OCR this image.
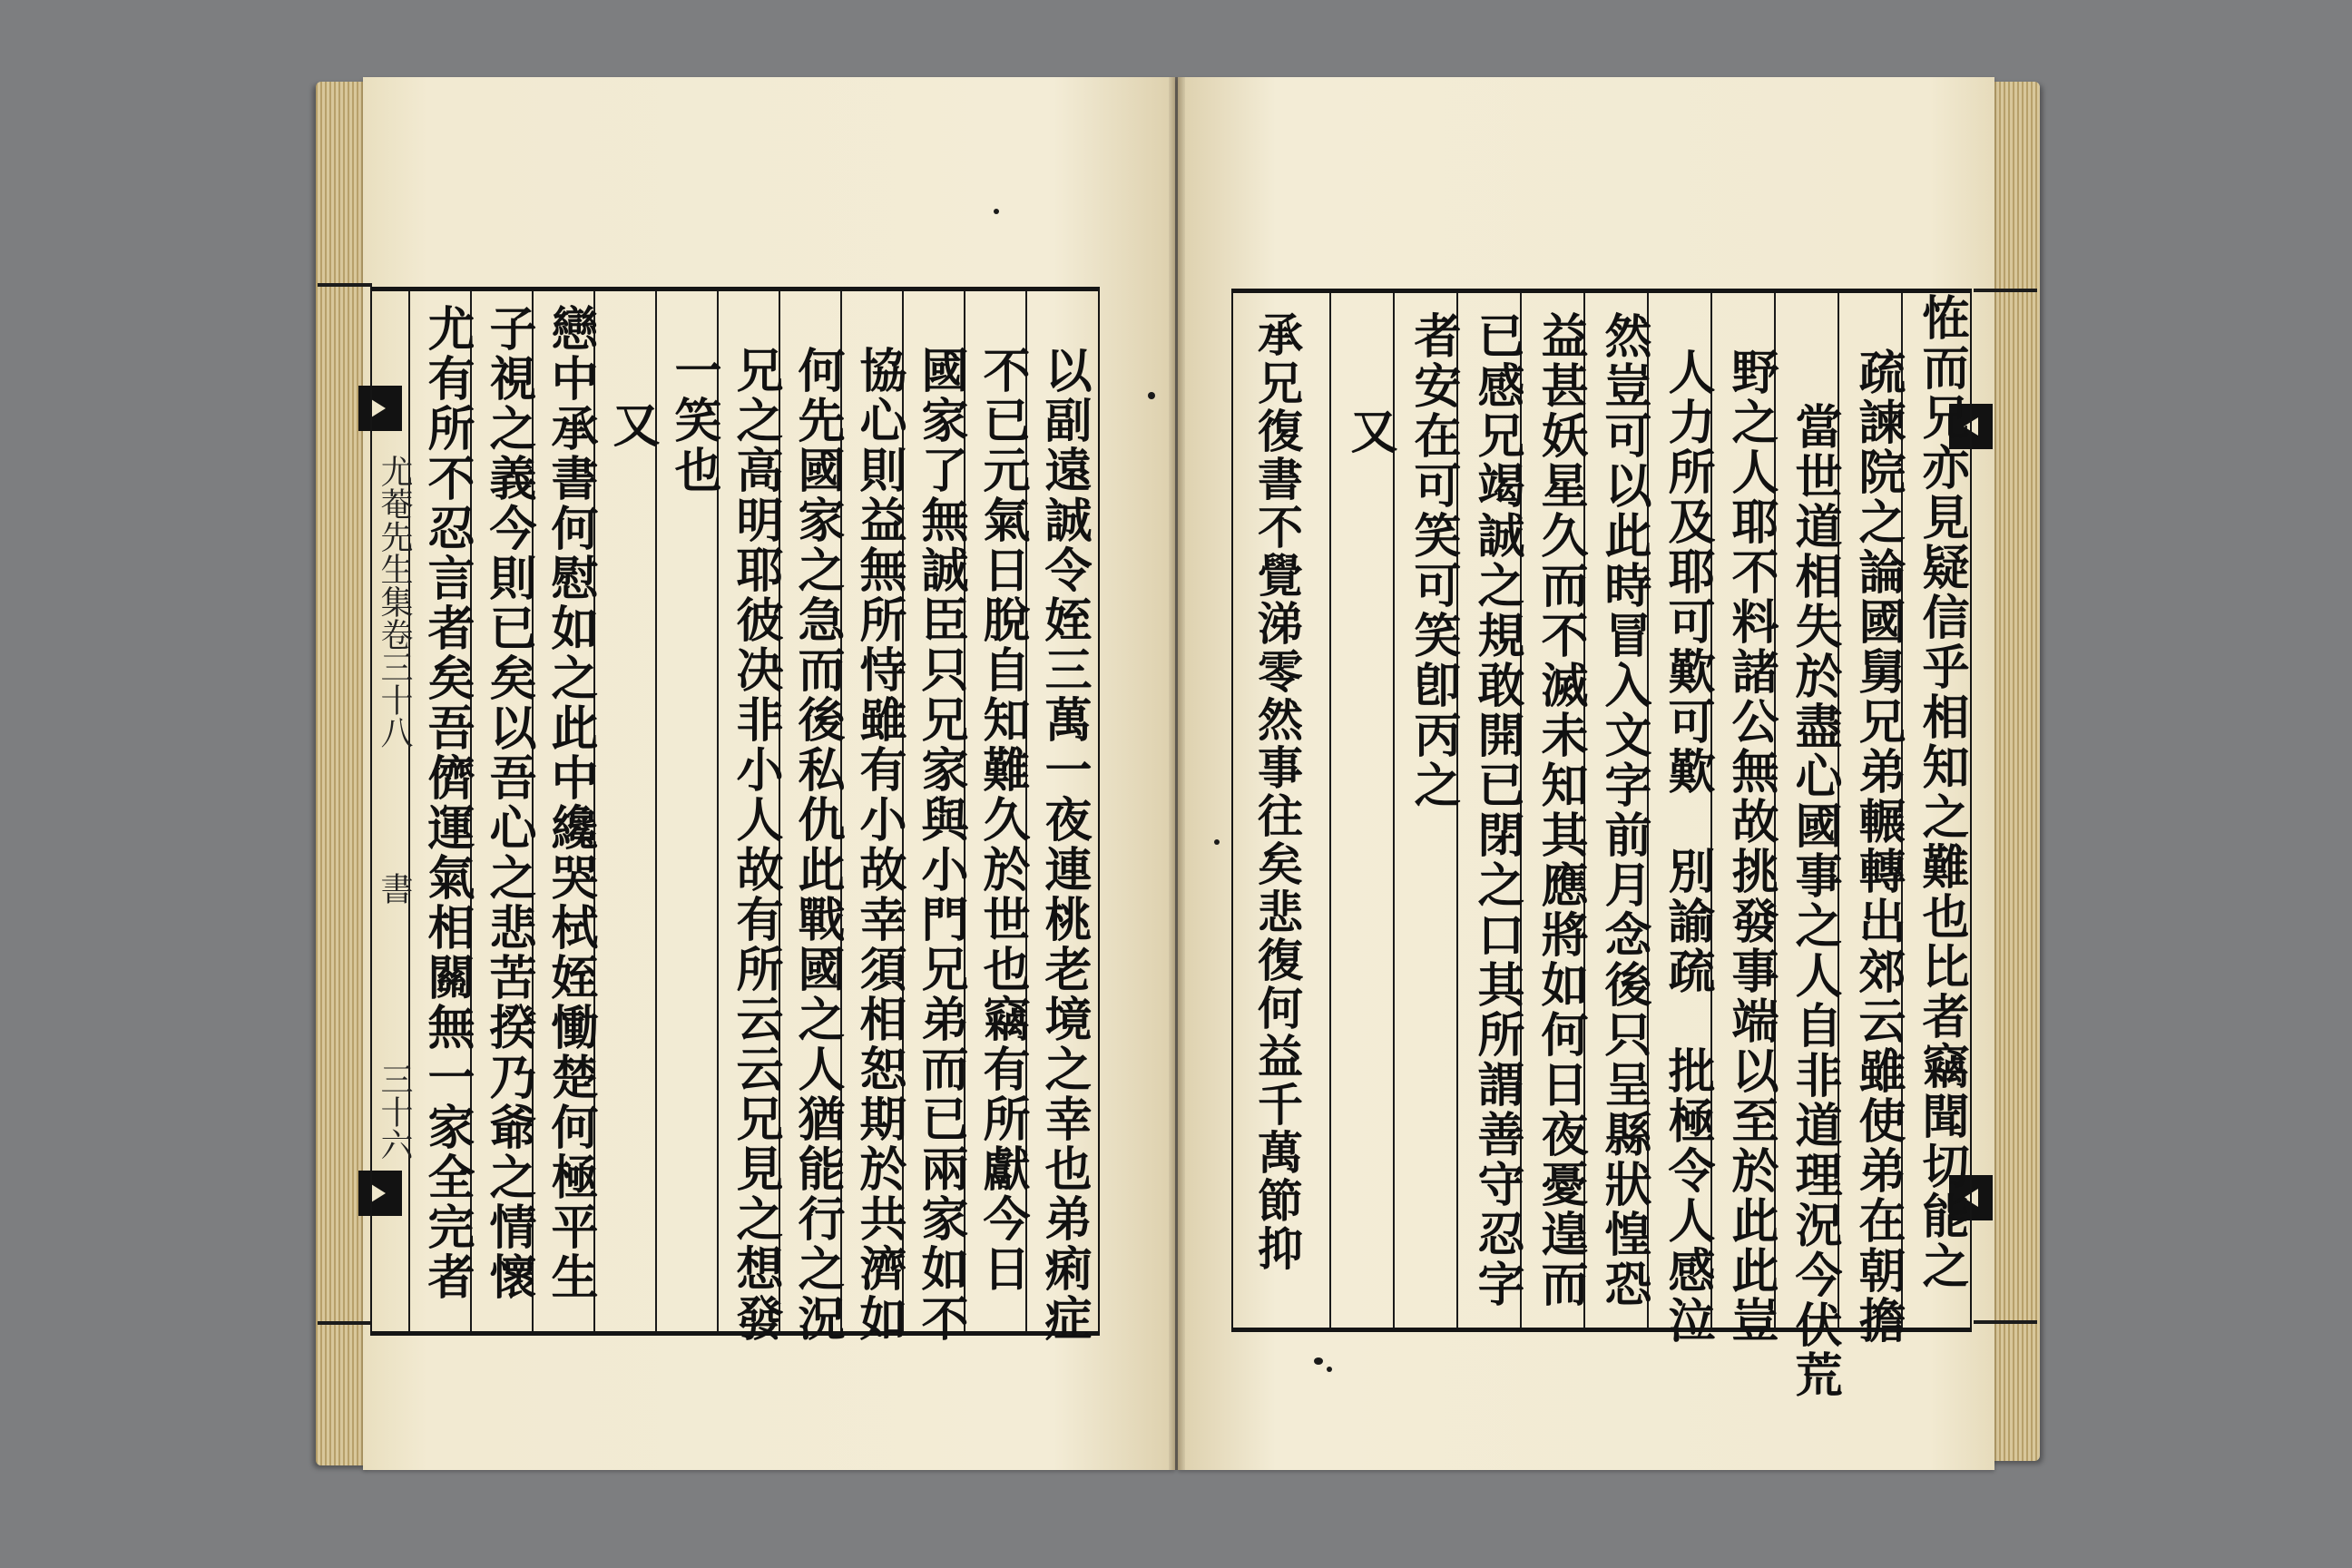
以副遠誠令姪三萬一夜連桃老境之幸也弟痢症
不已元氣日脫自知難久於世也竊有所獻今日
國家了無誠臣只兄家與小門兄弟而已兩家如不
協心則益無所恃雖有小故幸須相恕期於共濟如
何先國家之急而後私仇此戰國之人猶能行之況
兄之高明耶彼决非小人故有所云云兄見之想發
一笑也
又
戀中承書何慰如之此中纔哭栻姪慟楚何極平生
子視之義今則已矣以吾心之悲苦揆乃爺之情懷
尤有所不忍言者矣吾儕運氣相關無一家全完者
尤菴先生集卷三十八
書
三十六	恠而兄亦見疑信乎相知之難也比者竊聞切能之
疏諫院之論國舅兄弟輾轉出郊云雖使弟在朝擔
當世道相失於盡心國事之人自非道理況今伏荒
野之人耶不料諸公無故挑發事端以至於此此豈
人力所及耶可歎可歎　別諭疏　批極令人感泣
然豈可以此時冒入文字前月念後只呈縣狀惶恐
益甚妖星久而不滅未知其應將如何日夜憂遑而
已感兄竭誠之規敢開已閉之口其所謂善守忍字
者安在可笑可笑卽丙之
又
承兄復書不覺涕零然事往矣悲復何益千萬節抑
